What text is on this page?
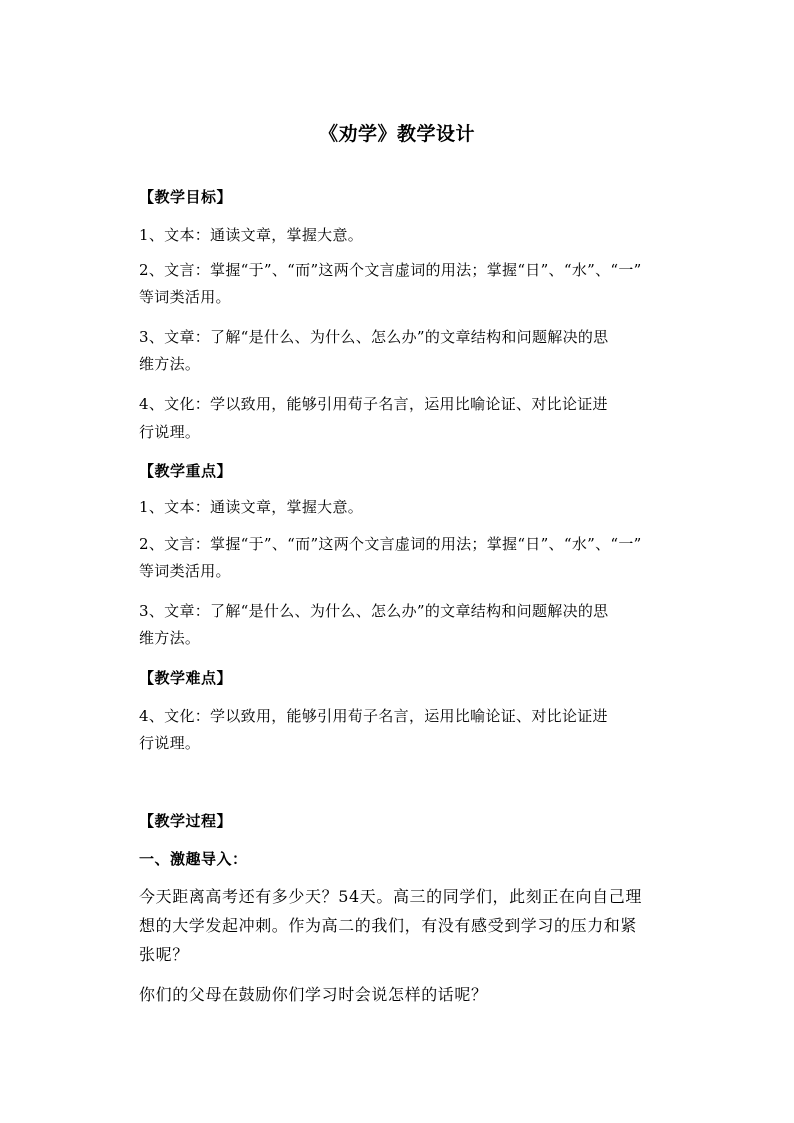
《劝学》教学设计
【教学目标】
1、文本：通读文章，掌握大意。
2、文言：掌握“于”、“而”这两个文言虚词的用法；掌握“日”、“水”、“一”
等词类活用。
3、文章：了解“是什么、为什么、怎么办”的文章结构和问题解决的思
维方法。
4、文化：学以致用，能够引用荀子名言，运用比喻论证、对比论证进
行说理。
【教学重点】
1、文本：通读文章，掌握大意。
2、文言：掌握“于”、“而”这两个文言虚词的用法；掌握“日”、“水”、“一”
等词类活用。
3、文章：了解“是什么、为什么、怎么办”的文章结构和问题解决的思
维方法。
【教学难点】
4、文化：学以致用，能够引用荀子名言，运用比喻论证、对比论证进
行说理。
【教学过程】
一、激趣导入：
今天距离高考还有多少天？54天。高三的同学们，此刻正在向自己理
想的大学发起冲刺。作为高二的我们，有没有感受到学习的压力和紧
张呢？
你们的父母在鼓励你们学习时会说怎样的话呢？
